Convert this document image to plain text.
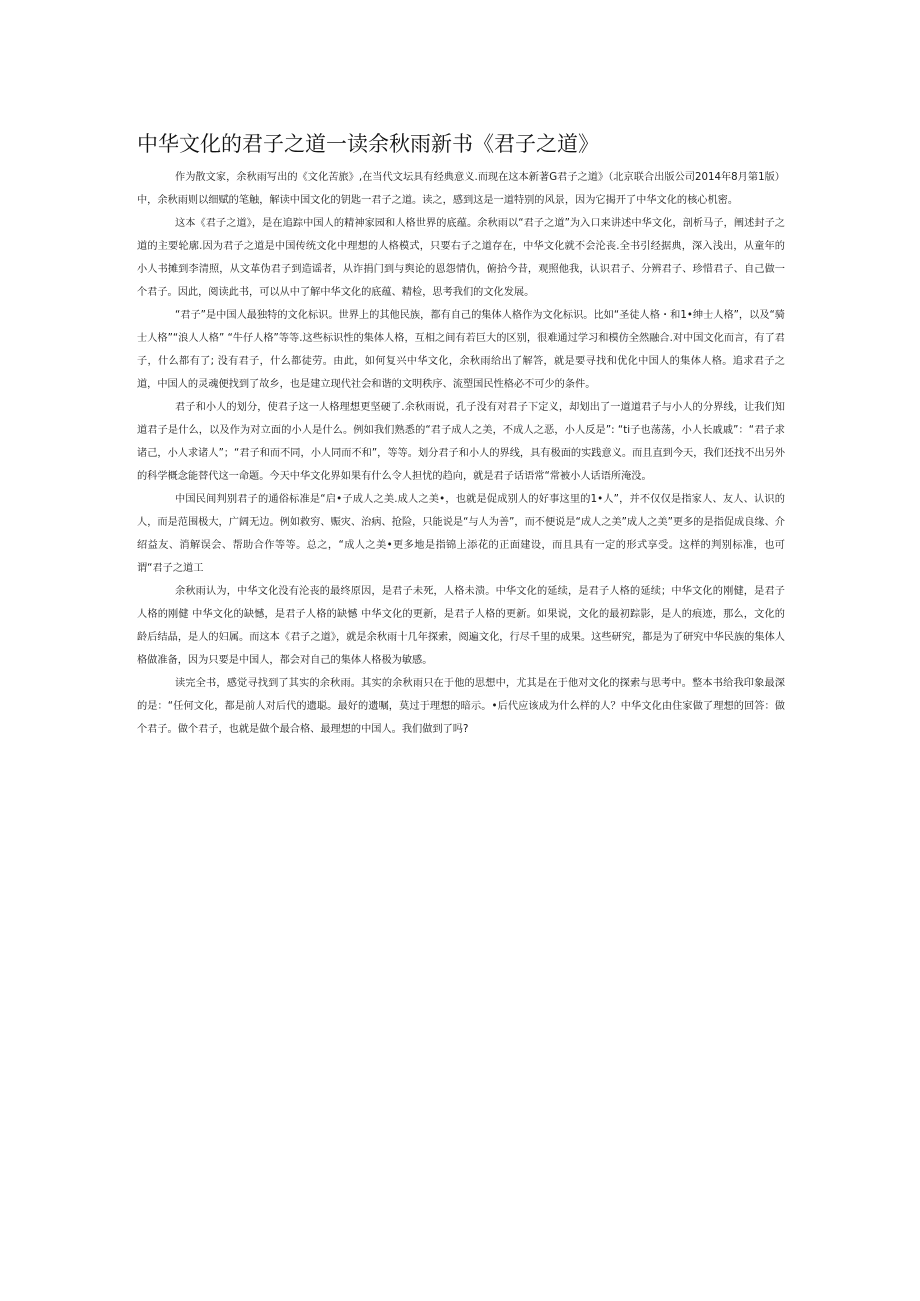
中华文化的君子之道一读余秋雨新书《君子之道》

作为散文家，余秋雨写出的《文化苦旅》,在当代文坛具有经典意义.而现在这本新著G君子之道》（北京联合出版公司2014年8月第1版）中，余秋雨则以细赋的笔触，解读中国文化的钥匙一君子之道。读之，感到这是一道特别的风景，因为它揭开了中华文化的核心机密。

这本《君子之道》，是在追踪中国人的精神家园和人格世界的底蕴。余秋雨以“君子之道”为入口来讲述中华文化，剖析马子，阐述封子之道的主要轮廓.因为君子之道是中国传统文化中理想的人格模式，只要右子之道存在，中华文化就不会沦丧.全书引经据典，深入浅出，从童年的小人书摊到李清照，从文革伪君子到造谣者，从诈捐门到与舆论的恩怨情仇，俯拾今昔，观照他我，认识君子、分辨君子、珍惜君子、自己做一个君子。因此，阅读此书，可以从中了解中华文化的底蕴、精检，思考我们的文化发展。

“君子”是中国人最独特的文化标识。世界上的其他民族，都有自己的集体人格作为文化标识。比如“圣徒人格・和1•绅士人格”，以及“骑士人格”“浪人人格” “牛仔人格”等等.这些标识性的集体人格，互相之间有若巨大的区别，很难通过学习和模仿全然融合.对中国文化而言，有了君子，什么都有了; 没有君子，什么都徒劳。由此，如何复兴中华文化，余秋雨给出了解答，就是要寻找和优化中国人的集体人格。追求君子之道，中国人的灵魂便找到了故乡，也是建立现代社会和谐的文明秩序、流塑国民性格必不可少的条件。

君子和小人的划分，使君子这一人格理想更坚硬了.余秋雨说，孔子没有对君子下定义，却划出了一道道君子与小人的分界线，让我们知道君子是什么，以及作为对立面的小人是什么。例如我们熟悉的“君子成人之美，不成人之恶，小人反是”: “ti子也荡荡，小人长戚戚”：“君子求诸己，小人求诸人”；“君子和而不同，小人同而不和”，等等。划分君子和小人的界线，具有极面的实践意义。而且直到今天，我们还找不出另外的科学概念能替代这一命题。今天中华文化界如果有什么令人担忧的趋向，就是君子话语常“常被小人话语所淹没。

中国民间判别君子的通俗标准是“启•子成人之美.成人之美•，也就是促成别人的好事这里的1•人”，并不仅仅是指家人、友人、认识的人，而是范围极大，广阔无边。例如救穷、赈灾、治病、抢险，只能说是“与人为善”，而不便说是“成人之美”成人之美”更多的是指促成良缘、介绍益友、消解误会、帮助合作等等。总之，“成人之美•更多地是指锦上添花的正面建设，而且具有一定的形式享受。这样的判别标准，也可谓“君子之道工

余秋雨认为，中华文化没有沦丧的最终原因，是君子未死，人格未溃。中华文化的延续，是君子人格的延续；中华文化的刚健，是君子人格的刚健 中华文化的缺憾，是君子人格的缺憾 中华文化的更新，是君子人格的更新。如果说，文化的最初踪影，是人的痕迹，那么，文化的龄后结晶，是人的妇属。而这本《君子之道》，就是余秋雨十几年探索，阅遍文化，行尽千里的成果。这些研究，都是为了研究中华民族的集体人格做准备，因为只要是中国人，都会对自己的集体人格极为敏感。

读完全书，感觉寻找到了其实的余秋雨。其实的余秋雨只在于他的思想中，尤其是在于他对文化的探索与思考中。整本书给我印象最深的是：“任何文化，都是前人对后代的遗聪。最好的遗嘱，莫过于理想的暗示。•后代应该成为什么样的人？中华文化由住家做了理想的回答：做个君子。做个君子，也就是做个最合格、最理想的中国人。我们做到了吗?
